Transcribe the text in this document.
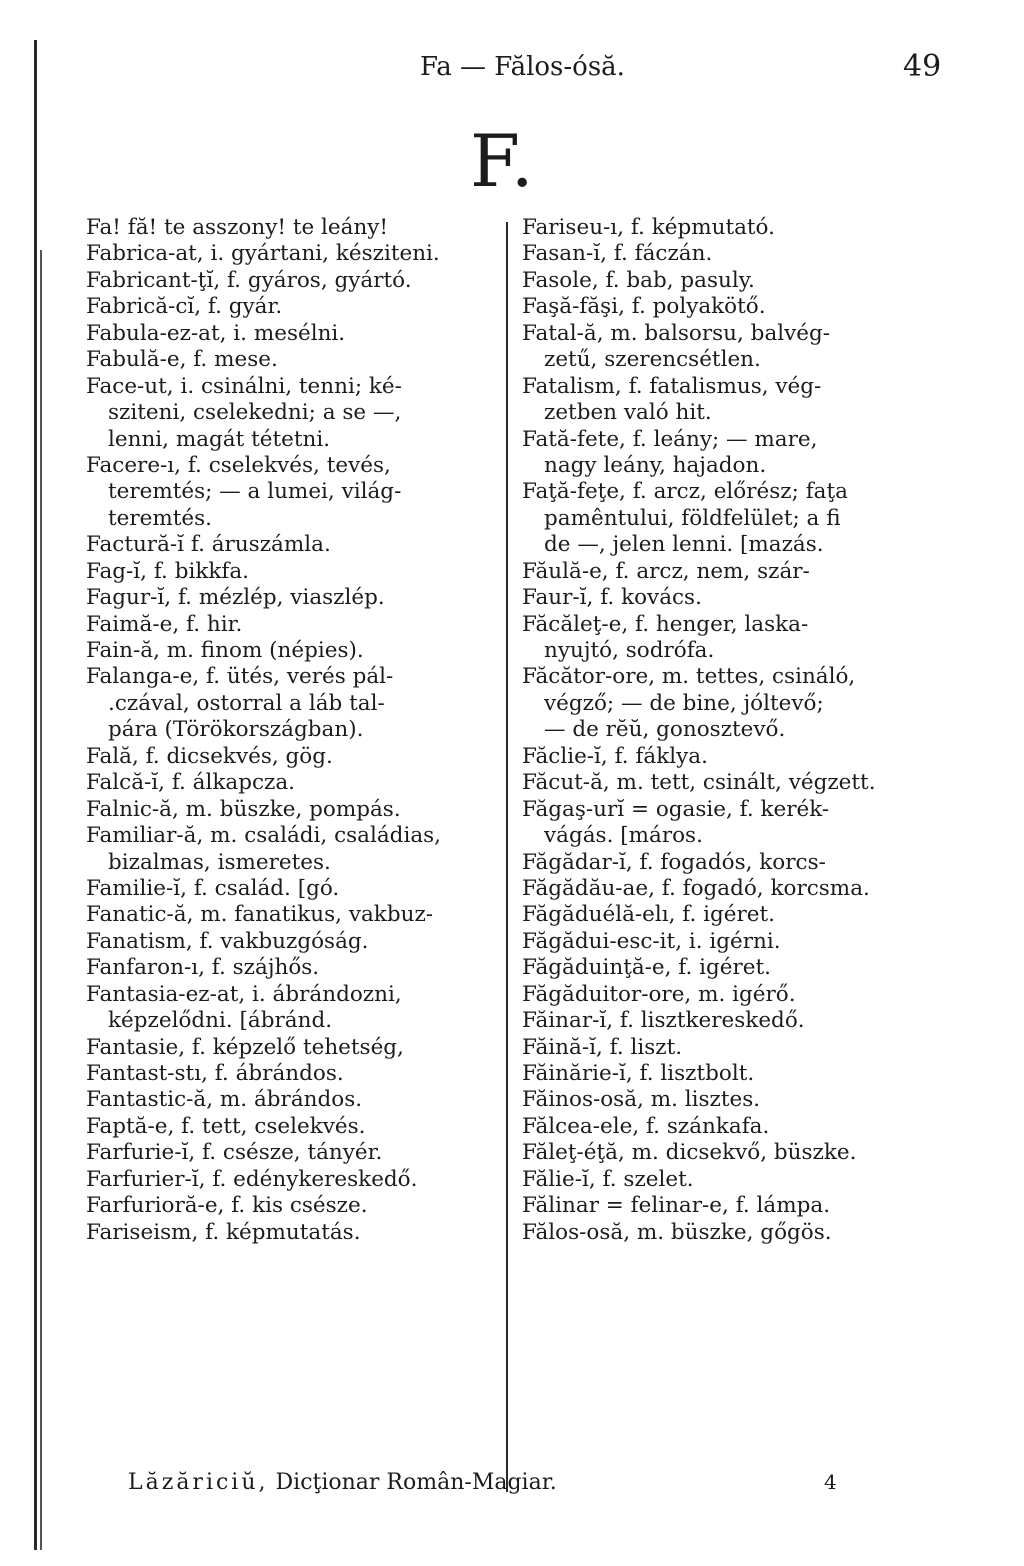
Fa — Fălos-ósă.	49
F.
Fa! fă! te asszony! te leány!
Fabrica-at, i. gyártani, késziteni.
Fabricant-ţĭ, f. gyáros, gyártó.
Fabrică-cĭ, f. gyár.
Fabula-ez-at, i. mesélni.
Fabulă-e, f. mese.
Face-ut, i. csinálni, tenni; ké-
sziteni, cselekedni; a se —,
lenni, magát tétetni.
Facere-ı, f. cselekvés, tevés,
teremtés; — a lumei, világ-
teremtés.
Factură-ĭ f. áruszámla.
Fag-ĭ, f. bikkfa.
Fagur-ĭ, f. mézlép, viaszlép.
Faimă-e, f. hir.
Fain-ă, m. finom (népies).
Falanga-e, f. ütés, verés pál-
.czával, ostorral a láb tal-
pára (Törökországban).
Fală, f. dicsekvés, gög.
Falcă-ĭ, f. álkapcza.
Falnic-ă, m. büszke, pompás.
Familiar-ă, m. családi, családias,
bizalmas, ismeretes.
Familie-ĭ, f. család. [gó.
Fanatic-ă, m. fanatikus, vakbuz-
Fanatism, f. vakbuzgóság.
Fanfaron-ı, f. szájhős.
Fantasia-ez-at, i. ábrándozni,
képzelődni. [ábránd.
Fantasie, f. képzelő tehetség,
Fantast-stı, f. ábrándos.
Fantastic-ă, m. ábrándos.
Faptă-e, f. tett, cselekvés.
Farfurie-ĭ, f. csésze, tányér.
Farfurier-ĭ, f. edénykereskedő.
Farfurioră-e, f. kis csésze.
Fariseism, f. képmutatás.
Fariseu-ı, f. képmutató.
Fasan-ĭ, f. fáczán.
Fasole, f. bab, pasuly.
Faşă-făşi, f. polyakötő.
Fatal-ă, m. balsorsu, balvég-
zetű, szerencsétlen.
Fatalism, f. fatalismus, vég-
zetben való hit.
Fată-fete, f. leány; — mare,
nagy leány, hajadon.
Faţă-feţe, f. arcz, előrész; faţa
pamêntului, földfelület; a fi
de —, jelen lenni. [mazás.
Făulă-e, f. arcz, nem, szár-
Faur-ĭ, f. kovács.
Făcăleţ-e, f. henger, laska-
nyujtó, sodrófa.
Făcător-ore, m. tettes, csináló,
végző; — de bine, jóltevő;
— de rĕŭ, gonosztevő.
Făclie-ĭ, f. fáklya.
Făcut-ă, m. tett, csinált, végzett.
Făgaş-urĭ = ogasie, f. kerék-
vágás. [máros.
Făgădar-ĭ, f. fogadós, korcs-
Făgădău-ae, f. fogadó, korcsma.
Făgăduélă-elı, f. igéret.
Făgădui-esc-it, i. igérni.
Făgăduinţă-e, f. igéret.
Făgăduitor-ore, m. igérő.
Făinar-ĭ, f. lisztkereskedő.
Făină-ĭ, f. liszt.
Făinărie-ĭ, f. lisztbolt.
Făinos-osă, m. lisztes.
Fălcea-ele, f. szánkafa.
Făleţ-éţă, m. dicsekvő, büszke.
Fălie-ĭ, f. szelet.
Fălinar = felinar-e, f. lámpa.
Fălos-osă, m. büszke, gőgös.
Lăzăriciŭ, Dicţionar Român-Magiar.	4
